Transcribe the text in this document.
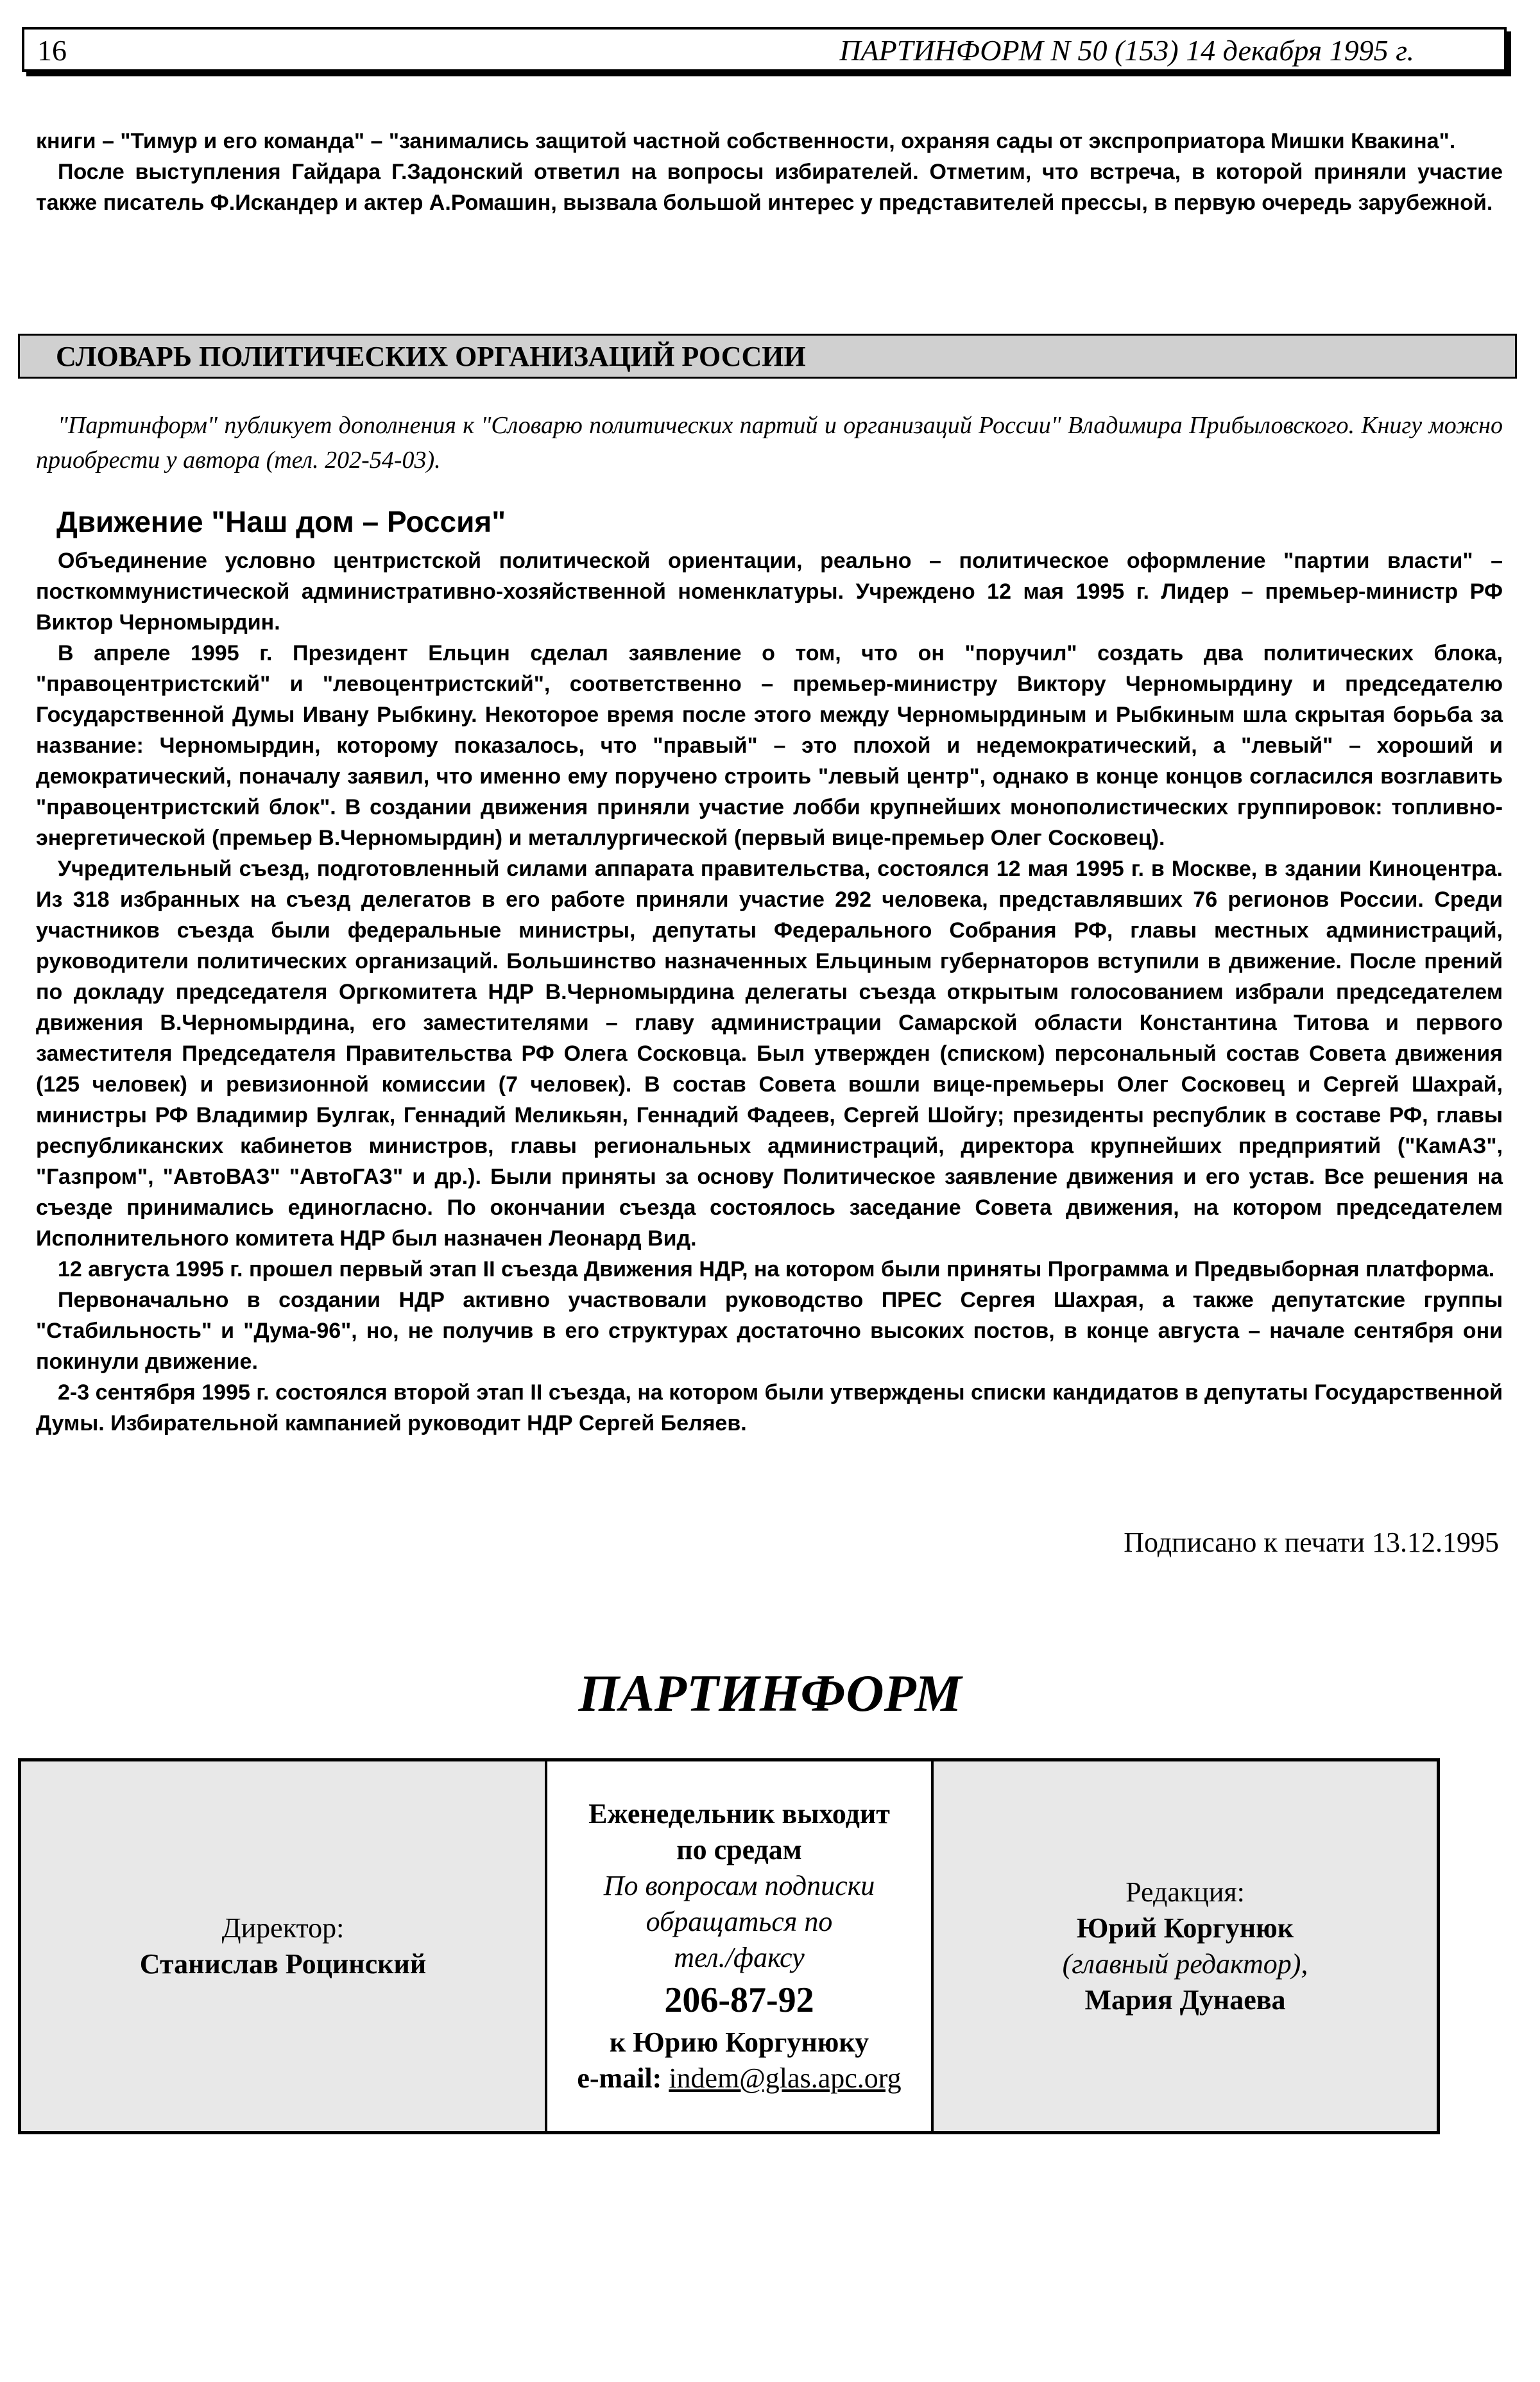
16	ПАРТИНФОРМ N 50 (153) 14 декабря 1995 г.

книги – "Тимур и его команда" – "занимались защитой частной собственности, охраняя сады от экспроприатора Мишки Квакина".

После выступления Гайдара Г.Задонский ответил на вопросы избирателей. Отметим, что встреча, в которой приняли участие также писатель Ф.Искандер и актер А.Ромашин, вызвала большой интерес у представителей прессы, в первую очередь зарубежной.

СЛОВАРЬ ПОЛИТИЧЕСКИХ ОРГАНИЗАЦИЙ РОССИИ

"Партинформ" публикует дополнения к "Словарю политических партий и организаций России" Владимира Прибыловского. Книгу можно приобрести у автора (тел. 202-54-03).

Движение "Наш дом – Россия"

Объединение условно центристской политической ориентации, реально – политическое оформление "партии власти" – посткоммунистической административно-хозяйственной номенклатуры. Учреждено 12 мая 1995 г. Лидер – премьер-министр РФ Виктор Черномырдин.

В апреле 1995 г. Президент Ельцин сделал заявление о том, что он "поручил" создать два политических блока, "правоцентристский" и "левоцентристский", соответственно – премьер-министру Виктору Черномырдину и председателю Государственной Думы Ивану Рыбкину. Некоторое время после этого между Черномырдиным и Рыбкиным шла скрытая борьба за название: Черномырдин, которому показалось, что "правый" – это плохой и недемократический, а "левый" – хороший и демократический, поначалу заявил, что именно ему поручено строить "левый центр", однако в конце концов согласился возглавить "правоцентристский блок". В создании движения приняли участие лобби крупнейших монополистических группировок: топливно-энергетической (премьер В.Черномырдин) и металлургической (первый вице-премьер Олег Сосковец).

Учредительный съезд, подготовленный силами аппарата правительства, состоялся 12 мая 1995 г. в Москве, в здании Киноцентра. Из 318 избранных на съезд делегатов в его работе приняли участие 292 человека, представлявших 76 регионов России. Среди участников съезда были федеральные министры, депутаты Федерального Собрания РФ, главы местных администраций, руководители политических организаций. Большинство назначенных Ельциным губернаторов вступили в движение. После прений по докладу председателя Оргкомитета НДР В.Черномырдина делегаты съезда открытым голосованием избрали председателем движения В.Черномырдина, его заместителями – главу администрации Самарской области Константина Титова и первого заместителя Председателя Правительства РФ Олега Сосковца. Был утвержден (списком) персональный состав Совета движения (125 человек) и ревизионной комиссии (7 человек). В состав Совета вошли вице-премьеры Олег Сосковец и Сергей Шахрай, министры РФ Владимир Булгак, Геннадий Меликьян, Геннадий Фадеев, Сергей Шойгу; президенты республик в составе РФ, главы республиканских кабинетов министров, главы региональных администраций, директора крупнейших предприятий ("КамАЗ", "Газпром", "АвтоВАЗ" "АвтоГАЗ" и др.). Были приняты за основу Политическое заявление движения и его устав. Все решения на съезде принимались единогласно. По окончании съезда состоялось заседание Совета движения, на котором председателем Исполнительного комитета НДР был назначен Леонард Вид.

12 августа 1995 г. прошел первый этап II съезда Движения НДР, на котором были приняты Программа и Предвыборная платформа.

Первоначально в создании НДР активно участвовали руководство ПРЕС Сергея Шахрая, а также депутатские группы "Стабильность" и "Дума-96", но, не получив в его структурах достаточно высоких постов, в конце августа – начале сентября они покинули движение.

2-3 сентября 1995 г. состоялся второй этап II съезда, на котором были утверждены списки кандидатов в депутаты Государственной Думы. Избирательной кампанией руководит НДР Сергей Беляев.

Подписано к печати 13.12.1995
ПАРТИНФОРМ
Директор:
Станислав Роцинский
Еженедельник выходит
по средам
По вопросам подписки
обращаться по
тел./факсу
206-87-92
к Юрию Коргунюку
e-mail: indem@glas.apc.org
Редакция:
Юрий Коргунюк
(главный редактор),
Мария Дунаева
